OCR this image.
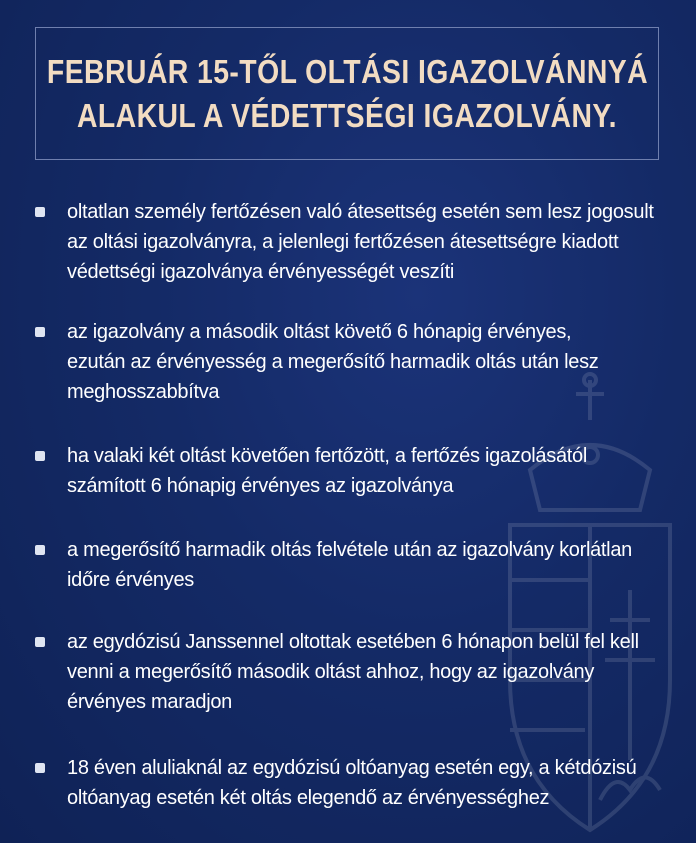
FEBRUÁR 15-TŐL OLTÁSI IGAZOLVÁNNYÁ
ALAKUL A VÉDETTSÉGI IGAZOLVÁNY.
oltatlan személy fertőzésen való átesettség esetén sem lesz jogosult
az oltási igazolványra, a jelenlegi fertőzésen átesettségre kiadott
védettségi igazolványa érvényességét veszíti
az igazolvány a második oltást követő 6 hónapig érvényes,
ezután az érvényesség a megerősítő harmadik oltás után lesz
meghosszabbítva
ha valaki két oltást követően fertőzött, a fertőzés igazolásától
számított 6 hónapig érvényes az igazolványa
a megerősítő harmadik oltás felvétele után az igazolvány korlátlan
időre érvényes
az egydózisú Janssennel oltottak esetében 6 hónapon belül fel kell
venni a megerősítő második oltást ahhoz, hogy az igazolvány
érvényes maradjon
18 éven aluliaknál az egydózisú oltóanyag esetén egy, a kétdózisú
oltóanyag esetén két oltás elegendő az érvényességhez
